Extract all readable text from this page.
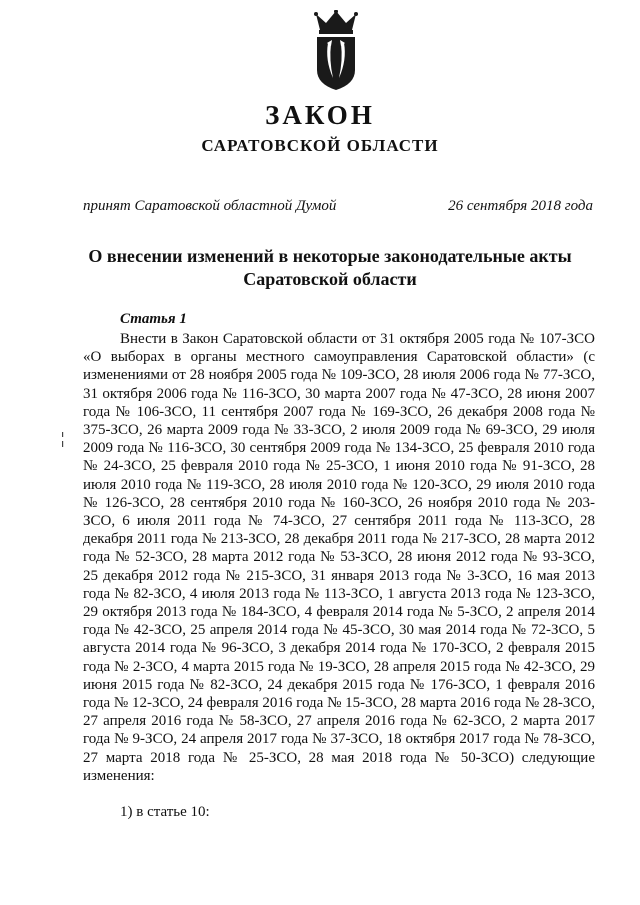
ЗАКОН
САРАТОВСКОЙ ОБЛАСТИ
принят Саратовской областной Думой	26 сентября 2018 года
О внесении изменений в некоторые законодательные акты Саратовской области
Статья 1

Внести в Закон Саратовской области от 31 октября 2005 года № 107-ЗСО «О выборах в органы местного самоуправления Саратовской области» (с изменениями от 28 ноября 2005 года № 109-ЗСО, 28 июля 2006 года № 77-ЗСО, 31 октября 2006 года № 116-ЗСО, 30 марта 2007 года № 47-ЗСО, 28 июня 2007 года № 106-ЗСО, 11 сентября 2007 года № 169-ЗСО, 26 декабря 2008 года № 375-ЗСО, 26 марта 2009 года № 33-ЗСО, 2 июля 2009 года № 69-ЗСО, 29 июля 2009 года № 116-ЗСО, 30 сентября 2009 года № 134-ЗСО, 25 февраля 2010 года № 24-ЗСО, 25 февраля 2010 года № 25-ЗСО, 1 июня 2010 года № 91-ЗСО, 28 июля 2010 года № 119-ЗСО, 28 июля 2010 года № 120-ЗСО, 29 июля 2010 года № 126-ЗСО, 28 сентября 2010 года № 160-ЗСО, 26 ноября 2010 года № 203-ЗСО, 6 июля 2011 года № 74-ЗСО, 27 сентября 2011 года № 113-ЗСО, 28 декабря 2011 года № 213-ЗСО, 28 декабря 2011 года № 217-ЗСО, 28 марта 2012 года № 52-ЗСО, 28 марта 2012 года № 53-ЗСО, 28 июня 2012 года № 93-ЗСО, 25 декабря 2012 года № 215-ЗСО, 31 января 2013 года № 3-ЗСО, 16 мая 2013 года № 82-ЗСО, 4 июля 2013 года № 113-ЗСО, 1 августа 2013 года № 123-ЗСО, 29 октября 2013 года № 184-ЗСО, 4 февраля 2014 года № 5-ЗСО, 2 апреля 2014 года № 42-ЗСО, 25 апреля 2014 года № 45-ЗСО, 30 мая 2014 года № 72-ЗСО, 5 августа 2014 года № 96-ЗСО, 3 декабря 2014 года № 170-ЗСО, 2 февраля 2015 года № 2-ЗСО, 4 марта 2015 года № 19-ЗСО, 28 апреля 2015 года № 42-ЗСО, 29 июня 2015 года № 82-ЗСО, 24 декабря 2015 года № 176-ЗСО, 1 февраля 2016 года № 12-ЗСО, 24 февраля 2016 года № 15-ЗСО, 28 марта 2016 года № 28-ЗСО, 27 апреля 2016 года № 58-ЗСО, 27 апреля 2016 года № 62-ЗСО, 2 марта 2017 года № 9-ЗСО, 24 апреля 2017 года № 37-ЗСО, 18 октября 2017 года № 78-ЗСО, 27 марта 2018 года № 25-ЗСО, 28 мая 2018 года № 50-ЗСО) следующие изменения:

1) в статье 10:
